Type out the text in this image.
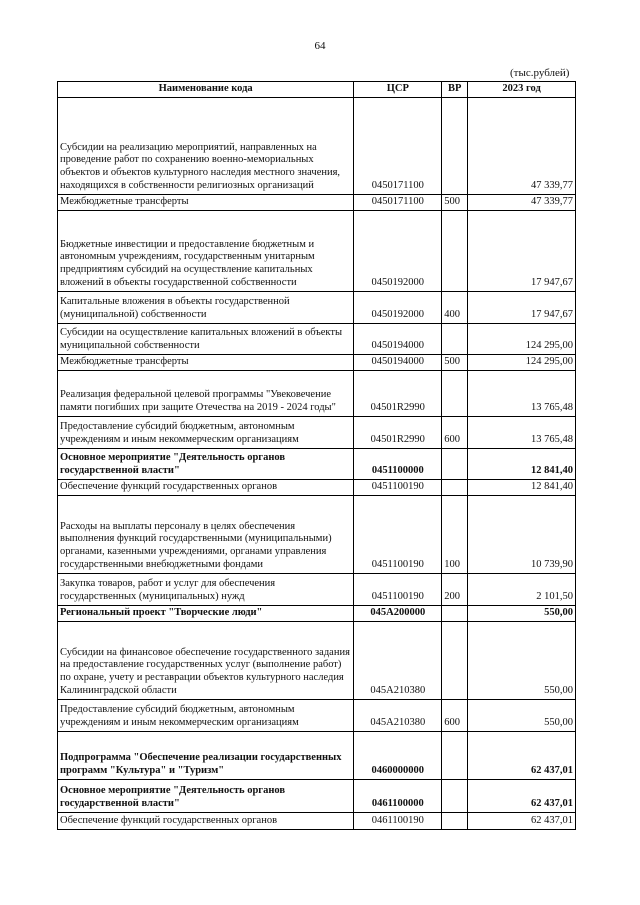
64
(тыс.рублей)
Наименование кода	ЦСР	ВР	2023 год
Субсидии на реализацию мероприятий, направленных на проведение работ по сохранению военно-мемориальных объектов и объектов культурного наследия местного значения, находящихся в собственности религиозных организаций	0450171100		47 339,77
Межбюджетные трансферты	0450171100	500	47 339,77
Бюджетные инвестиции и предоставление бюджетным и автономным учреждениям, государственным унитарным предприятиям субсидий на осуществление капитальных вложений в объекты государственной собственности	0450192000		17 947,67
Капитальные вложения в объекты государственной (муниципальной) собственности	0450192000	400	17 947,67
Субсидии на осуществление капитальных вложений в объекты муниципальной собственности	0450194000		124 295,00
Межбюджетные трансферты	0450194000	500	124 295,00
Реализация федеральной целевой программы "Увековечение памяти погибших при защите Отечества на 2019 - 2024 годы"	04501R2990		13 765,48
Предоставление субсидий бюджетным, автономным учреждениям и иным некоммерческим организациям	04501R2990	600	13 765,48
Основное мероприятие "Деятельность органов государственной власти"	0451100000		12 841,40
Обеспечение функций государственных органов	0451100190		12 841,40
Расходы на выплаты персоналу в целях обеспечения выполнения функций государственными (муниципальными) органами, казенными учреждениями, органами управления государственными внебюджетными фондами	0451100190	100	10 739,90
Закупка товаров, работ и услуг для обеспечения государственных (муниципальных) нужд	0451100190	200	2 101,50
Региональный проект "Творческие люди"	045A200000		550,00
Субсидии на финансовое обеспечение государственного задания на предоставление государственных услуг (выполнение работ) по охране, учету и реставрации объектов культурного наследия Калининградской области	045A210380		550,00
Предоставление субсидий бюджетным, автономным учреждениям и иным некоммерческим организациям	045A210380	600	550,00
Подпрограмма "Обеспечение реализации государственных программ "Культура" и "Туризм"	0460000000		62 437,01
Основное мероприятие "Деятельность органов государственной власти"	0461100000		62 437,01
Обеспечение функций государственных органов	0461100190		62 437,01
